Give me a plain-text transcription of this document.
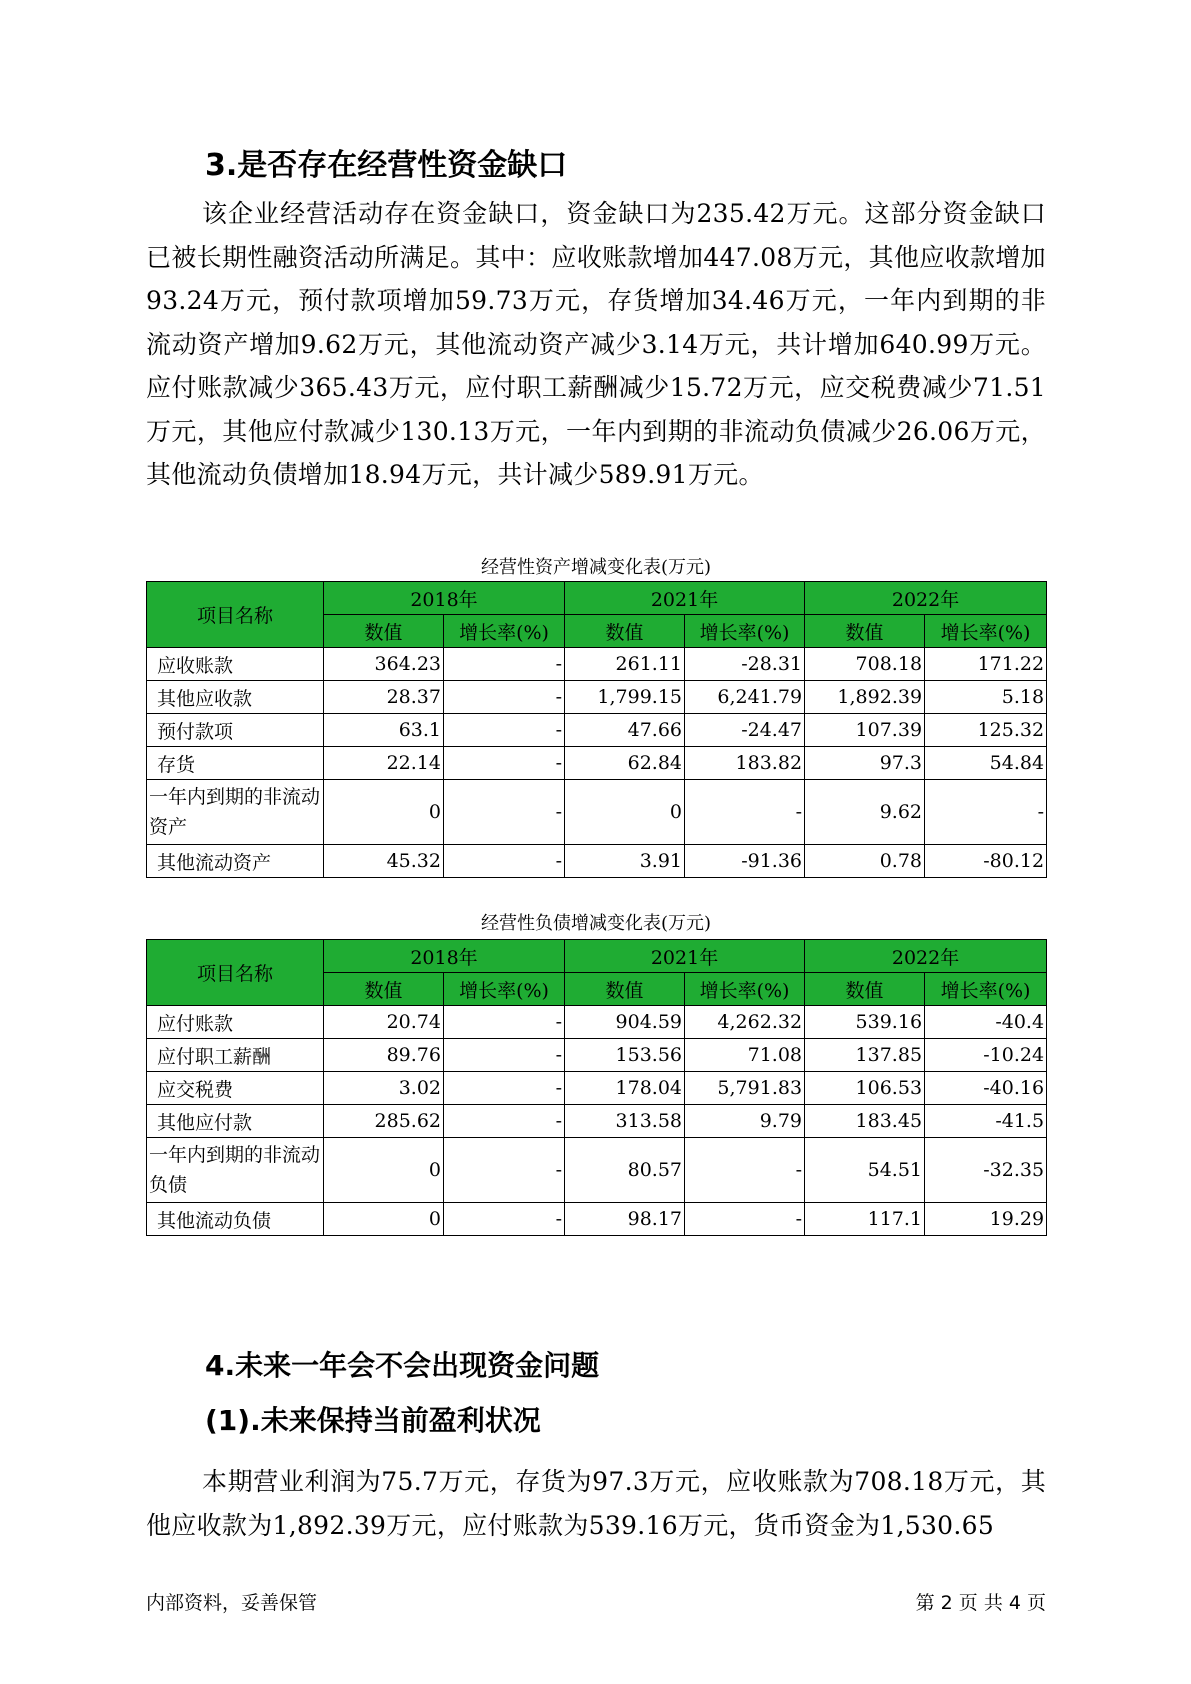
3.是否存在经营性资金缺口
该企业经营活动存在资金缺口，资金缺口为235.42万元。这部分资金缺口已被长期性融资活动所满足。其中：应收账款增加447.08万元，其他应收款增加93.24万元，预付款项增加59.73万元，存货增加34.46万元，一年内到期的非流动资产增加9.62万元，其他流动资产减少3.14万元，共计增加640.99万元。应付账款减少365.43万元，应付职工薪酬减少15.72万元，应交税费减少71.51万元，其他应付款减少130.13万元，一年内到期的非流动负债减少26.06万元，其他流动负债增加18.94万元，共计减少589.91万元。
经营性资产增减变化表(万元)
项目名称	2018年		2021年		2022年	
	数值	增长率(%)	数值	增长率(%)	数值	增长率(%)
应收账款	364.23	-	261.11	-28.31	708.18	171.22
其他应收款	28.37	-	1,799.15	6,241.79	1,892.39	5.18
预付款项	63.1	-	47.66	-24.47	107.39	125.32
存货	22.14	-	62.84	183.82	97.3	54.84
一年内到期的非流动资产	0	-	0	-	9.62	-
其他流动资产	45.32	-	3.91	-91.36	0.78	-80.12
经营性负债增减变化表(万元)
项目名称	2018年		2021年		2022年	
	数值	增长率(%)	数值	增长率(%)	数值	增长率(%)
应付账款	20.74	-	904.59	4,262.32	539.16	-40.4
应付职工薪酬	89.76	-	153.56	71.08	137.85	-10.24
应交税费	3.02	-	178.04	5,791.83	106.53	-40.16
其他应付款	285.62	-	313.58	9.79	183.45	-41.5
一年内到期的非流动负债	0	-	80.57	-	54.51	-32.35
其他流动负债	0	-	98.17	-	117.1	19.29
4.未来一年会不会出现资金问题
(1).未来保持当前盈利状况
本期营业利润为75.7万元，存货为97.3万元，应收账款为708.18万元，其他应收款为1,892.39万元，应付账款为539.16万元，货币资金为1,530.65
内部资料，妥善保管	第 2 页 共 4 页
